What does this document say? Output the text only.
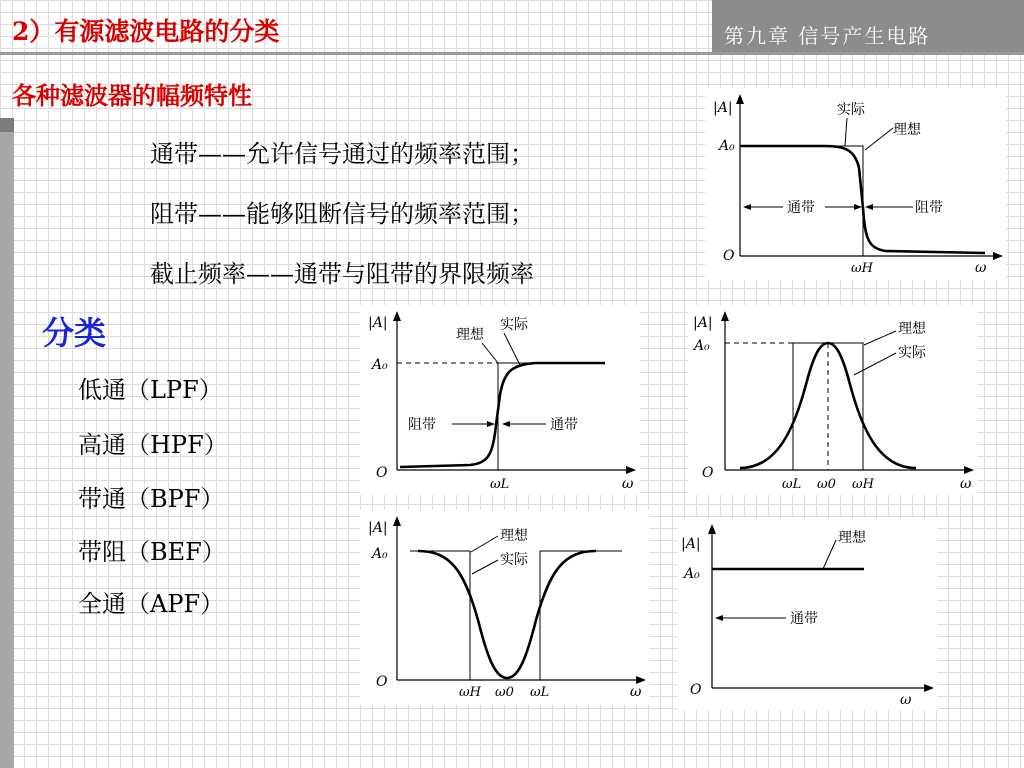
2）有源滤波电路的分类	第九章 信号产生电路
各种滤波器的幅频特性
通带——允许信号通过的频率范围；
阻带——能够阻断信号的频率范围；
截止频率——通带与阻带的界限频率
分类
低通（LPF）
高通（HPF）
带通（BPF）
带阻（BEF）
全通（APF）
|A|
A₀
O
ω
ωH
实际
理想
通带	阻带
|A|
A₀
O
ω
ωL
理想
实际
阻带	通带
|A|
A₀
O
ω
理想
实际
ωL ω0 ωH
|A|
A₀
O
ω
理想
实际
ωH ω0 ωL
|A|
A₀
O
ω
理想
通带
